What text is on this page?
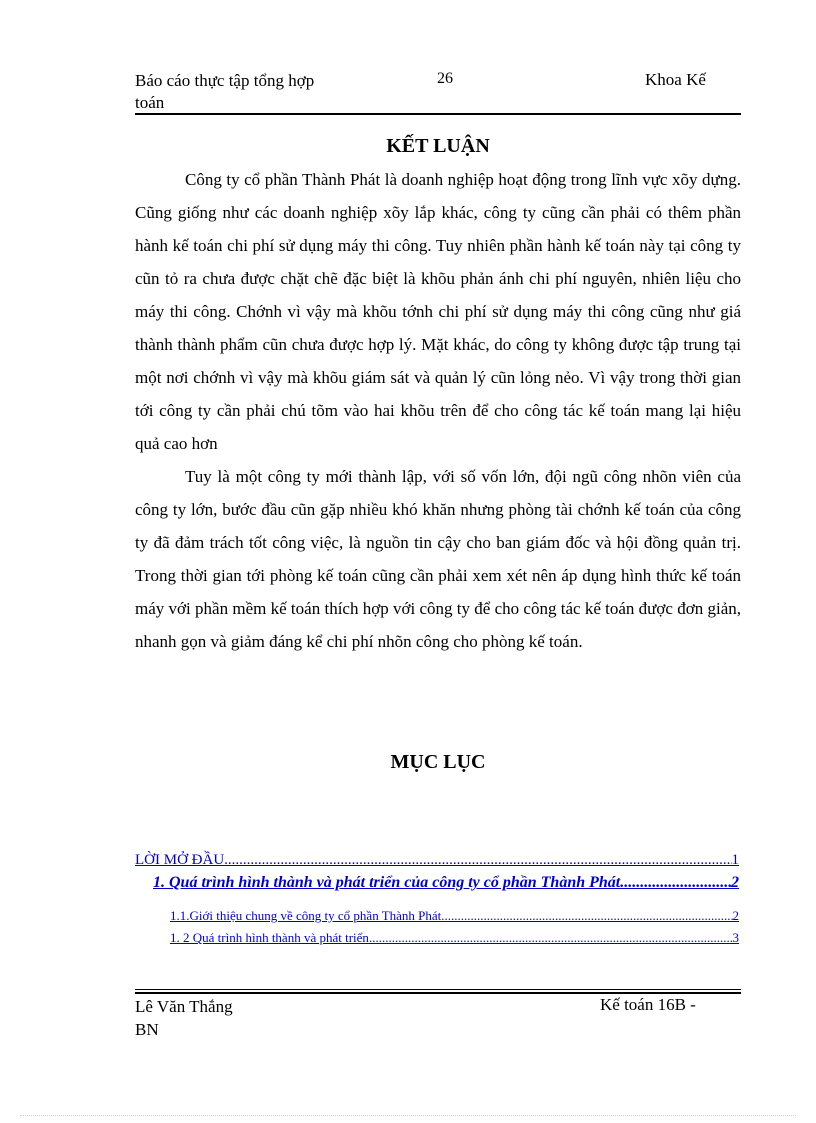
Báo cáo thực tập tổng hợp
toán
26	Khoa Kế
KẾT LUẬN

Công ty cổ phần Thành Phát là doanh nghiệp hoạt động trong lĩnh vực xõy dựng. Cũng giống như các doanh nghiệp xõy lắp khác, công ty cũng cần phải có thêm phần hành kế toán chi phí sử dụng máy thi công. Tuy nhiên phần hành kế toán này tại công ty cũn tỏ ra chưa được chặt chẽ đặc biệt là khõu phản ánh chi phí nguyên, nhiên liệu cho máy thi công. Chớnh vì vậy mà khõu tớnh chi phí sử dụng máy thi công cũng như giá thành thành phẩm cũn chưa được hợp lý. Mặt khác, do công ty không được tập trung tại một nơi chớnh vì vậy mà khõu giám sát và quản lý cũn lỏng nẻo. Vì vậy trong thời gian tới công ty cần phải chú tõm vào hai khõu trên để cho công tác kế toán mang lại hiệu quả cao hơn

Tuy là một công ty mới thành lập, với số vốn lớn, đội ngũ công nhõn viên của công ty lớn, bước đầu cũn gặp nhiều khó khăn nhưng phòng tài chớnh kế toán của công ty đã đảm trách tốt công việc, là nguồn tin cậy cho ban giám đốc và hội đồng quản trị. Trong thời gian tới phòng kế toán cũng cần phải xem xét nên áp dụng hình thức kế toán máy với phần mềm kế toán thích hợp với công ty để cho công tác kế toán được đơn giản, nhanh gọn và giảm đáng kể chi phí nhõn công cho phòng kế toán.

MỤC LỤC
LỜI MỞ ĐẦU .....	1
1. Quá trình hình thành và phát triển của công ty cổ phần Thành Phát .....	2
1.1.Giới thiệu chung về công ty cổ phần Thành Phát .....	2
1. 2 Quá trình hình thành và phát triển .....	3
Lê Văn Thắng
BN
Kế toán 16B -
